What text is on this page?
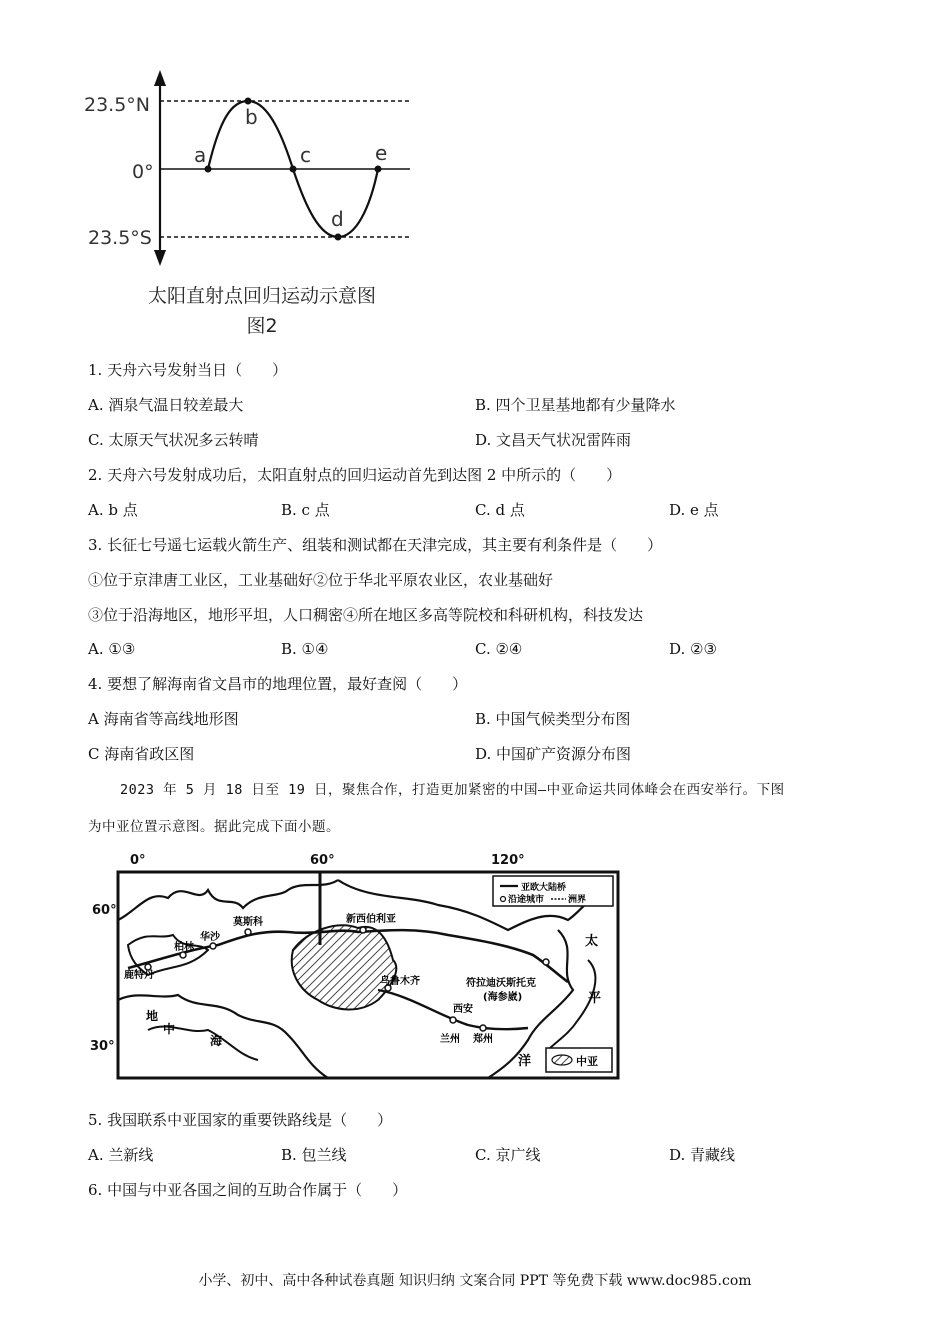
23.5°N
0°
23.5°S
a
b
c
d
e
太阳直射点回归运动示意图
图2
1. 天舟六号发射当日（　　）
A. 酒泉气温日较差最大	B. 四个卫星基地都有少量降水
C. 太原天气状况多云转晴	D. 文昌天气状况雷阵雨
2. 天舟六号发射成功后，太阳直射点的回归运动首先到达图 2 中所示的（　　）
A. b 点	B. c 点	C. d 点	D. e 点
3. 长征七号遥七运载火箭生产、组装和测试都在天津完成，其主要有利条件是（　　）
①位于京津唐工业区，工业基础好②位于华北平原农业区，农业基础好
③位于沿海地区，地形平坦，人口稠密④所在地区多高等院校和科研机构，科技发达
A. ①③	B. ①④	C. ②④	D. ②③
4. 要想了解海南省文昌市的地理位置，最好查阅（　　）
A 海南省等高线地形图	B. 中国气候类型分布图
C 海南省政区图	D. 中国矿产资源分布图
2023 年 5 月 18 日至 19 日，聚焦合作，打造更加紧密的中国—中亚命运共同体峰会在西安举行。下图
为中亚位置示意图。据此完成下面小题。
0°	60°	120°
60°
30°
新西伯利亚
莫斯科
华沙
柏林
鹿特丹
乌鲁木齐	符拉迪沃斯托克
(海参崴)
西安
兰州 郑州
地
中
海
太
平
洋
亚欧大陆桥
沿途城市	洲界
中亚
5. 我国联系中亚国家的重要铁路线是（　　）
A. 兰新线	B. 包兰线	C. 京广线	D. 青藏线
6. 中国与中亚各国之间的互助合作属于（　　）
小学、初中、高中各种试卷真题 知识归纳 文案合同 PPT 等免费下载 www.doc985.com
